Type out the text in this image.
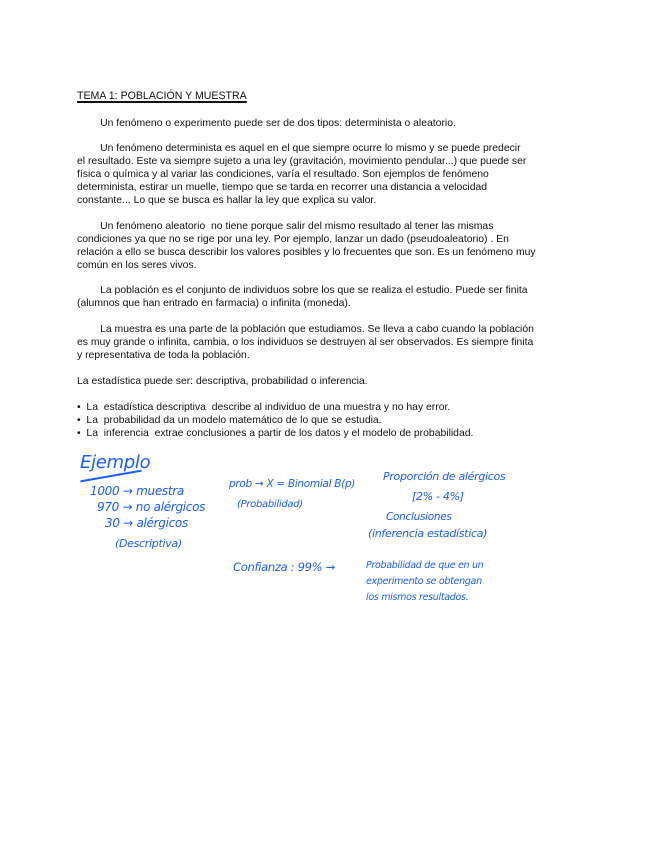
TEMA 1: POBLACIÓN Y MUESTRA
Un fenómeno o experimento puede ser de dos tipos: determinista o aleatorio.
Un fenómeno determinista es aquel en el que siempre ocurre lo mismo y se puede predecir
el resultado. Este va siempre sujeto a una ley (gravitación, movimiento pendular...) que puede ser
física o química y al variar las condiciones, varía el resultado. Son ejemplos de fenómeno
determinista, estirar un muelle, tiempo que se tarda en recorrer una distancia a velocidad
constante... Lo que se busca es hallar la ley que explica su valor.
Un fenómeno aleatorio  no tiene porque salir del mismo resultado al tener las mismas
condiciones ya que no se rige por una ley. Por ejemplo, lanzar un dado (pseudoaleatorio) . En
relación a ello se busca describir los valores posibles y lo frecuentes que son. Es un fenómeno muy
común en los seres vivos.
La población es el conjunto de individuos sobre los que se realiza el estudio. Puede ser finita
(alumnos que han entrado en farmacia) o infinita (moneda).
La muestra es una parte de la población que estudiamos. Se lleva a cabo cuando la población
es muy grande o infinita, cambia, o los individuos se destruyen al ser observados. Es siempre finita
y representativa de toda la población.
La estadística puede ser: descriptiva, probabilidad o inferencia.
•  La  estadística descriptiva  describe al individuo de una muestra y no hay error.
•  La  probabilidad da un modelo matemático de lo que se estudia.
•  La  inferencia  extrae conclusiones a partir de los datos y el modelo de probabilidad.
Ejemplo
1000 → muestra
970 → no alérgicos
30 → alérgicos
(Descriptiva)
prob → X = Binomial B(p)
(Probabilidad)
Proporción de alérgicos
[2% - 4%]
Conclusiones
(inferencia estadística)
Confianza : 99% →	Probabilidad de que en un
experimento se obtengan
los mismos resultados.
